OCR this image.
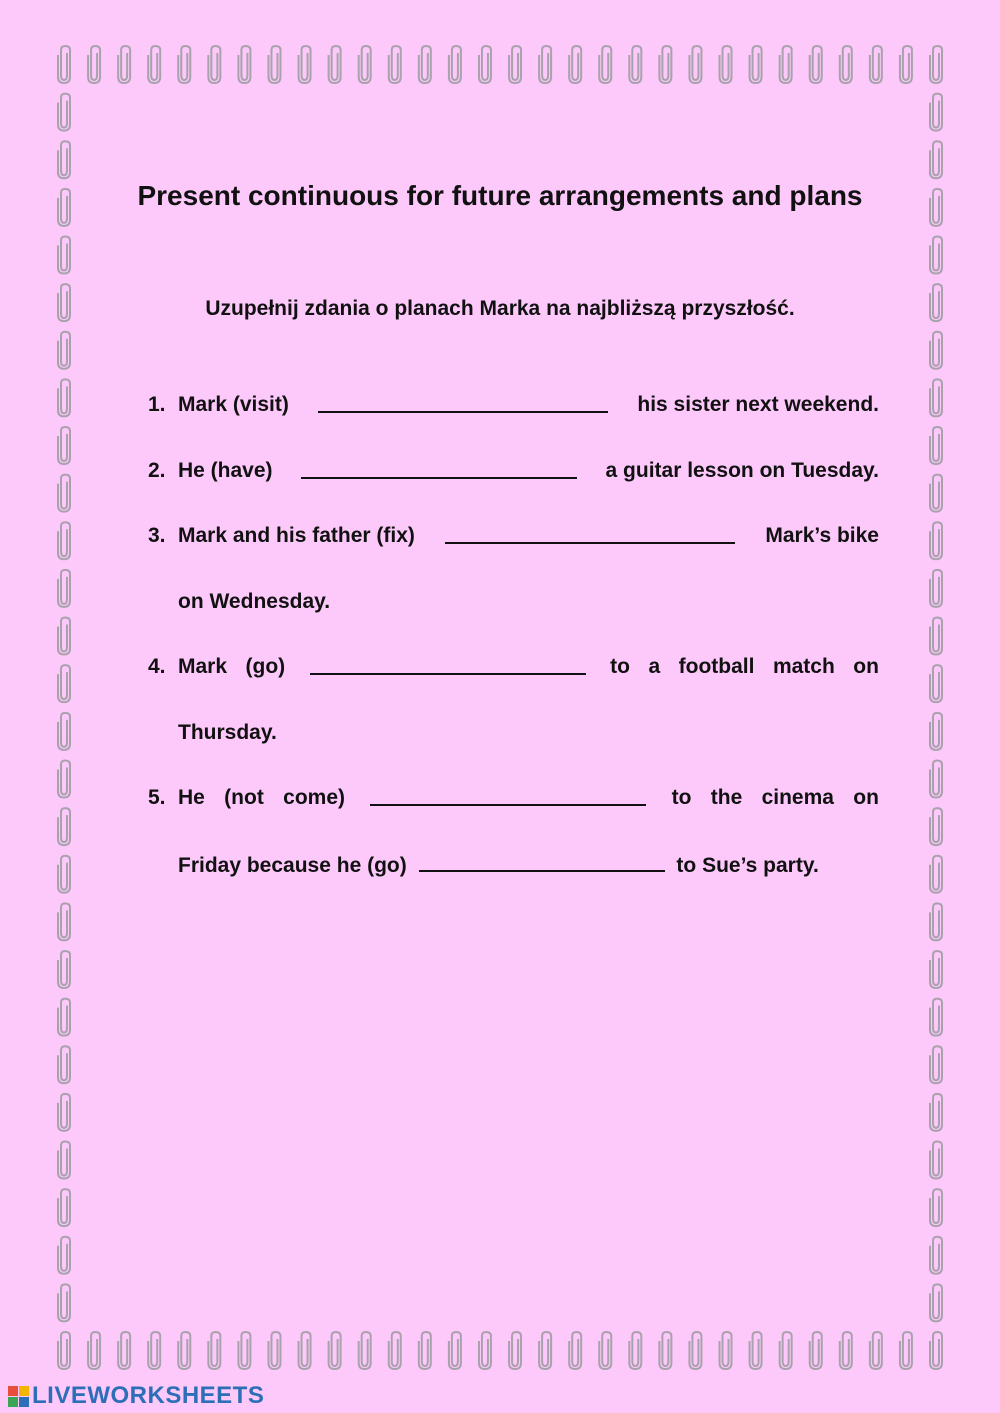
Present continuous for future arrangements and plans
Uzupełnij zdania o planach Marka na najbliższą przyszłość.
1. Mark (visit)	his sister next weekend.
2. He (have)	a guitar lesson on Tuesday.
3. Mark and his father (fix)	Mark’s bike
on Wednesday.
4. Mark (go)	to a football match on
Thursday.
5. He (not come)	to the cinema on
Friday because he (go)	to Sue’s party.
LIVEWORKSHEETS
